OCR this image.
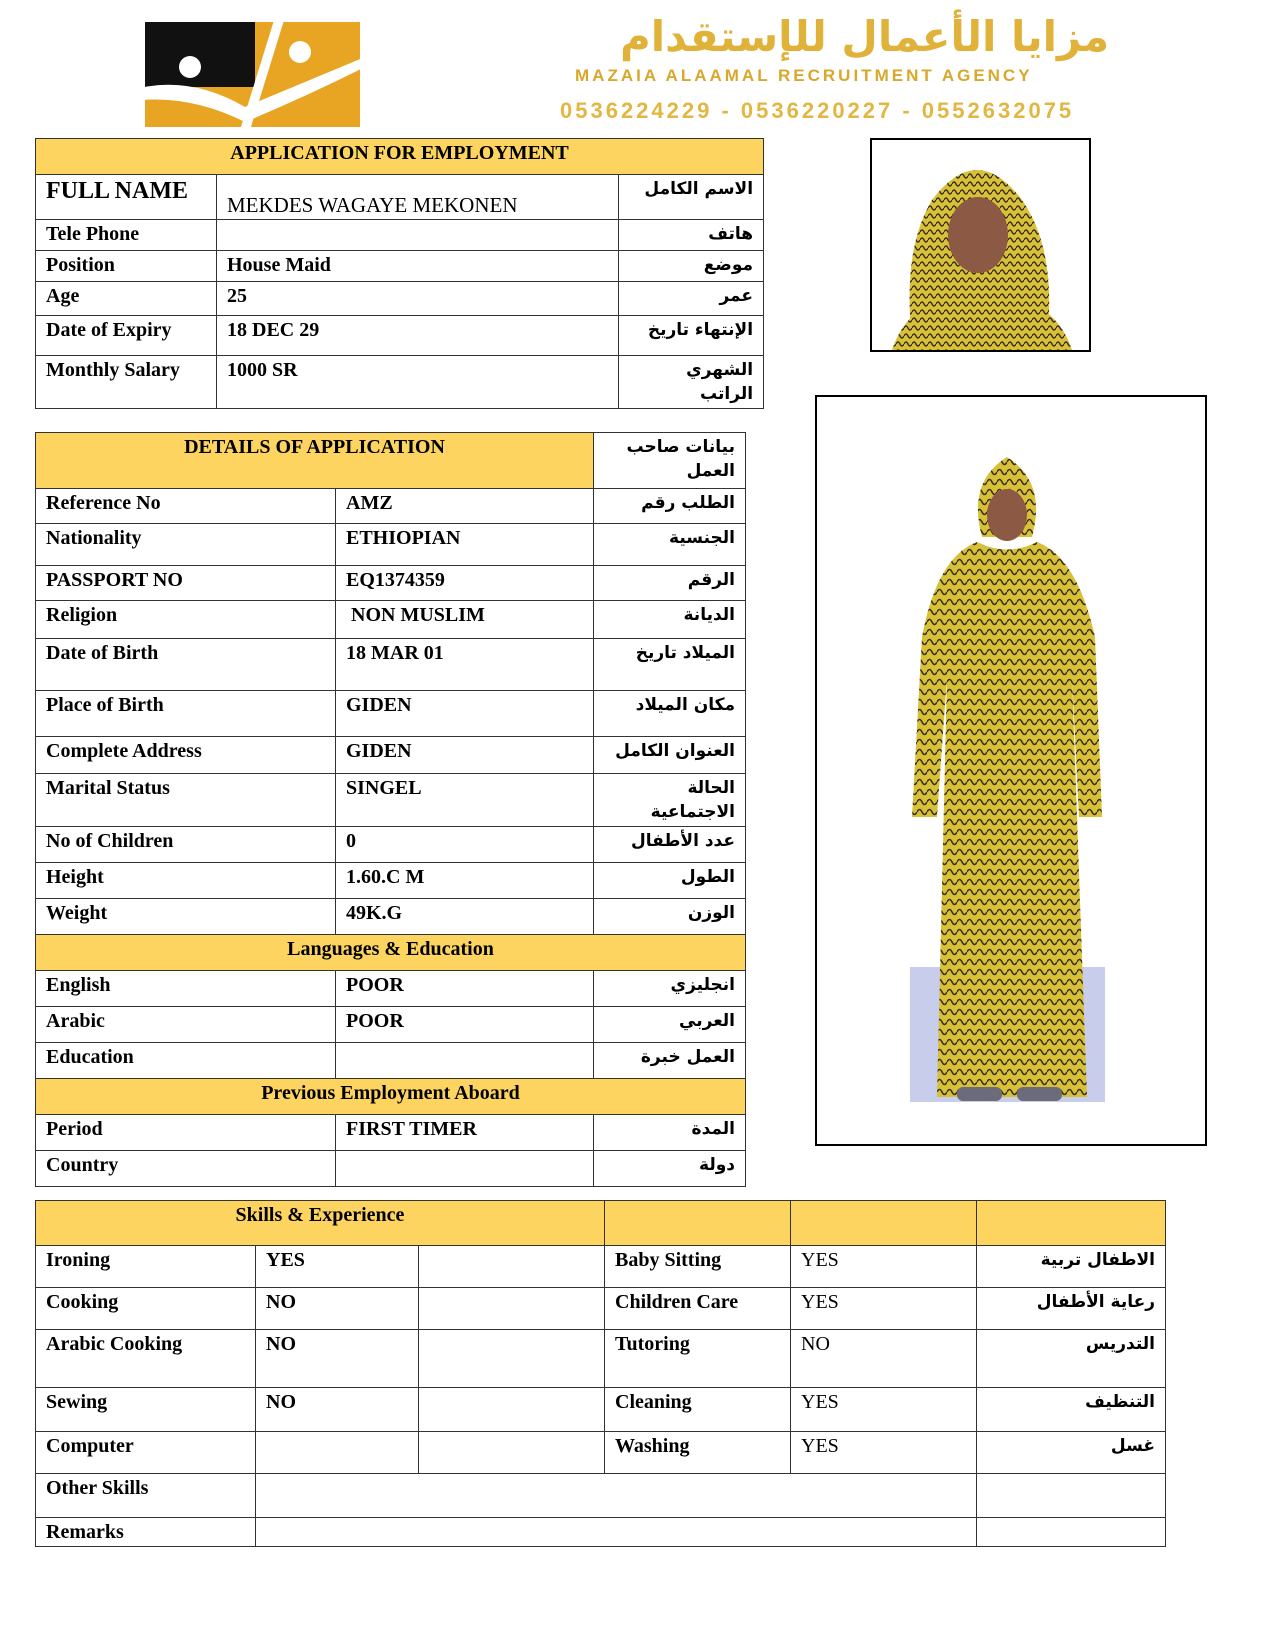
مزايا الأعمال للإستقدام
MAZAIA ALAAMAL RECRUITMENT AGENCY
0536224229 - 0536220227 - 0552632075
APPLICATION FOR EMPLOYMENT		
FULL NAME	MEKDES WAGAYE MEKONEN	الاسم الكامل
Tele Phone		هاتف
Position	House Maid	موضع
Age	25	عمر
Date of Expiry	18 DEC 29	الإنتهاء تاريخ
Monthly Salary	1000 SR	الشهري الراتب
DETAILS OF APPLICATION		بيانات صاحب العمل
Reference No	AMZ	الطلب رقم
Nationality	ETHIOPIAN	الجنسية
PASSPORT NO	EQ1374359	الرقم
Religion	NON MUSLIM	الديانة
Date of Birth	18 MAR 01	الميلاد تاريخ
Place of Birth	GIDEN	مكان الميلاد
Complete Address	GIDEN	العنوان الكامل
Marital Status	SINGEL	الحالة الاجتماعية
No of Children	0	عدد الأطفال
Height	1.60.C M	الطول
Weight	49K.G	الوزن
Languages & Education		
English	POOR	انجليزي
Arabic	POOR	العربي
Education		العمل خبرة
Previous Employment Aboard		
Period	FIRST TIMER	المدة
Country		دولة
Skills & Experience					
Ironing	YES		Baby Sitting	YES	الاطفال تربية
Cooking	NO		Children Care	YES	رعاية الأطفال
Arabic Cooking	NO		Tutoring	NO	التدريس
Sewing	NO		Cleaning	YES	التنظيف
Computer			Washing	YES	غسل
Other Skills					
Remarks					
